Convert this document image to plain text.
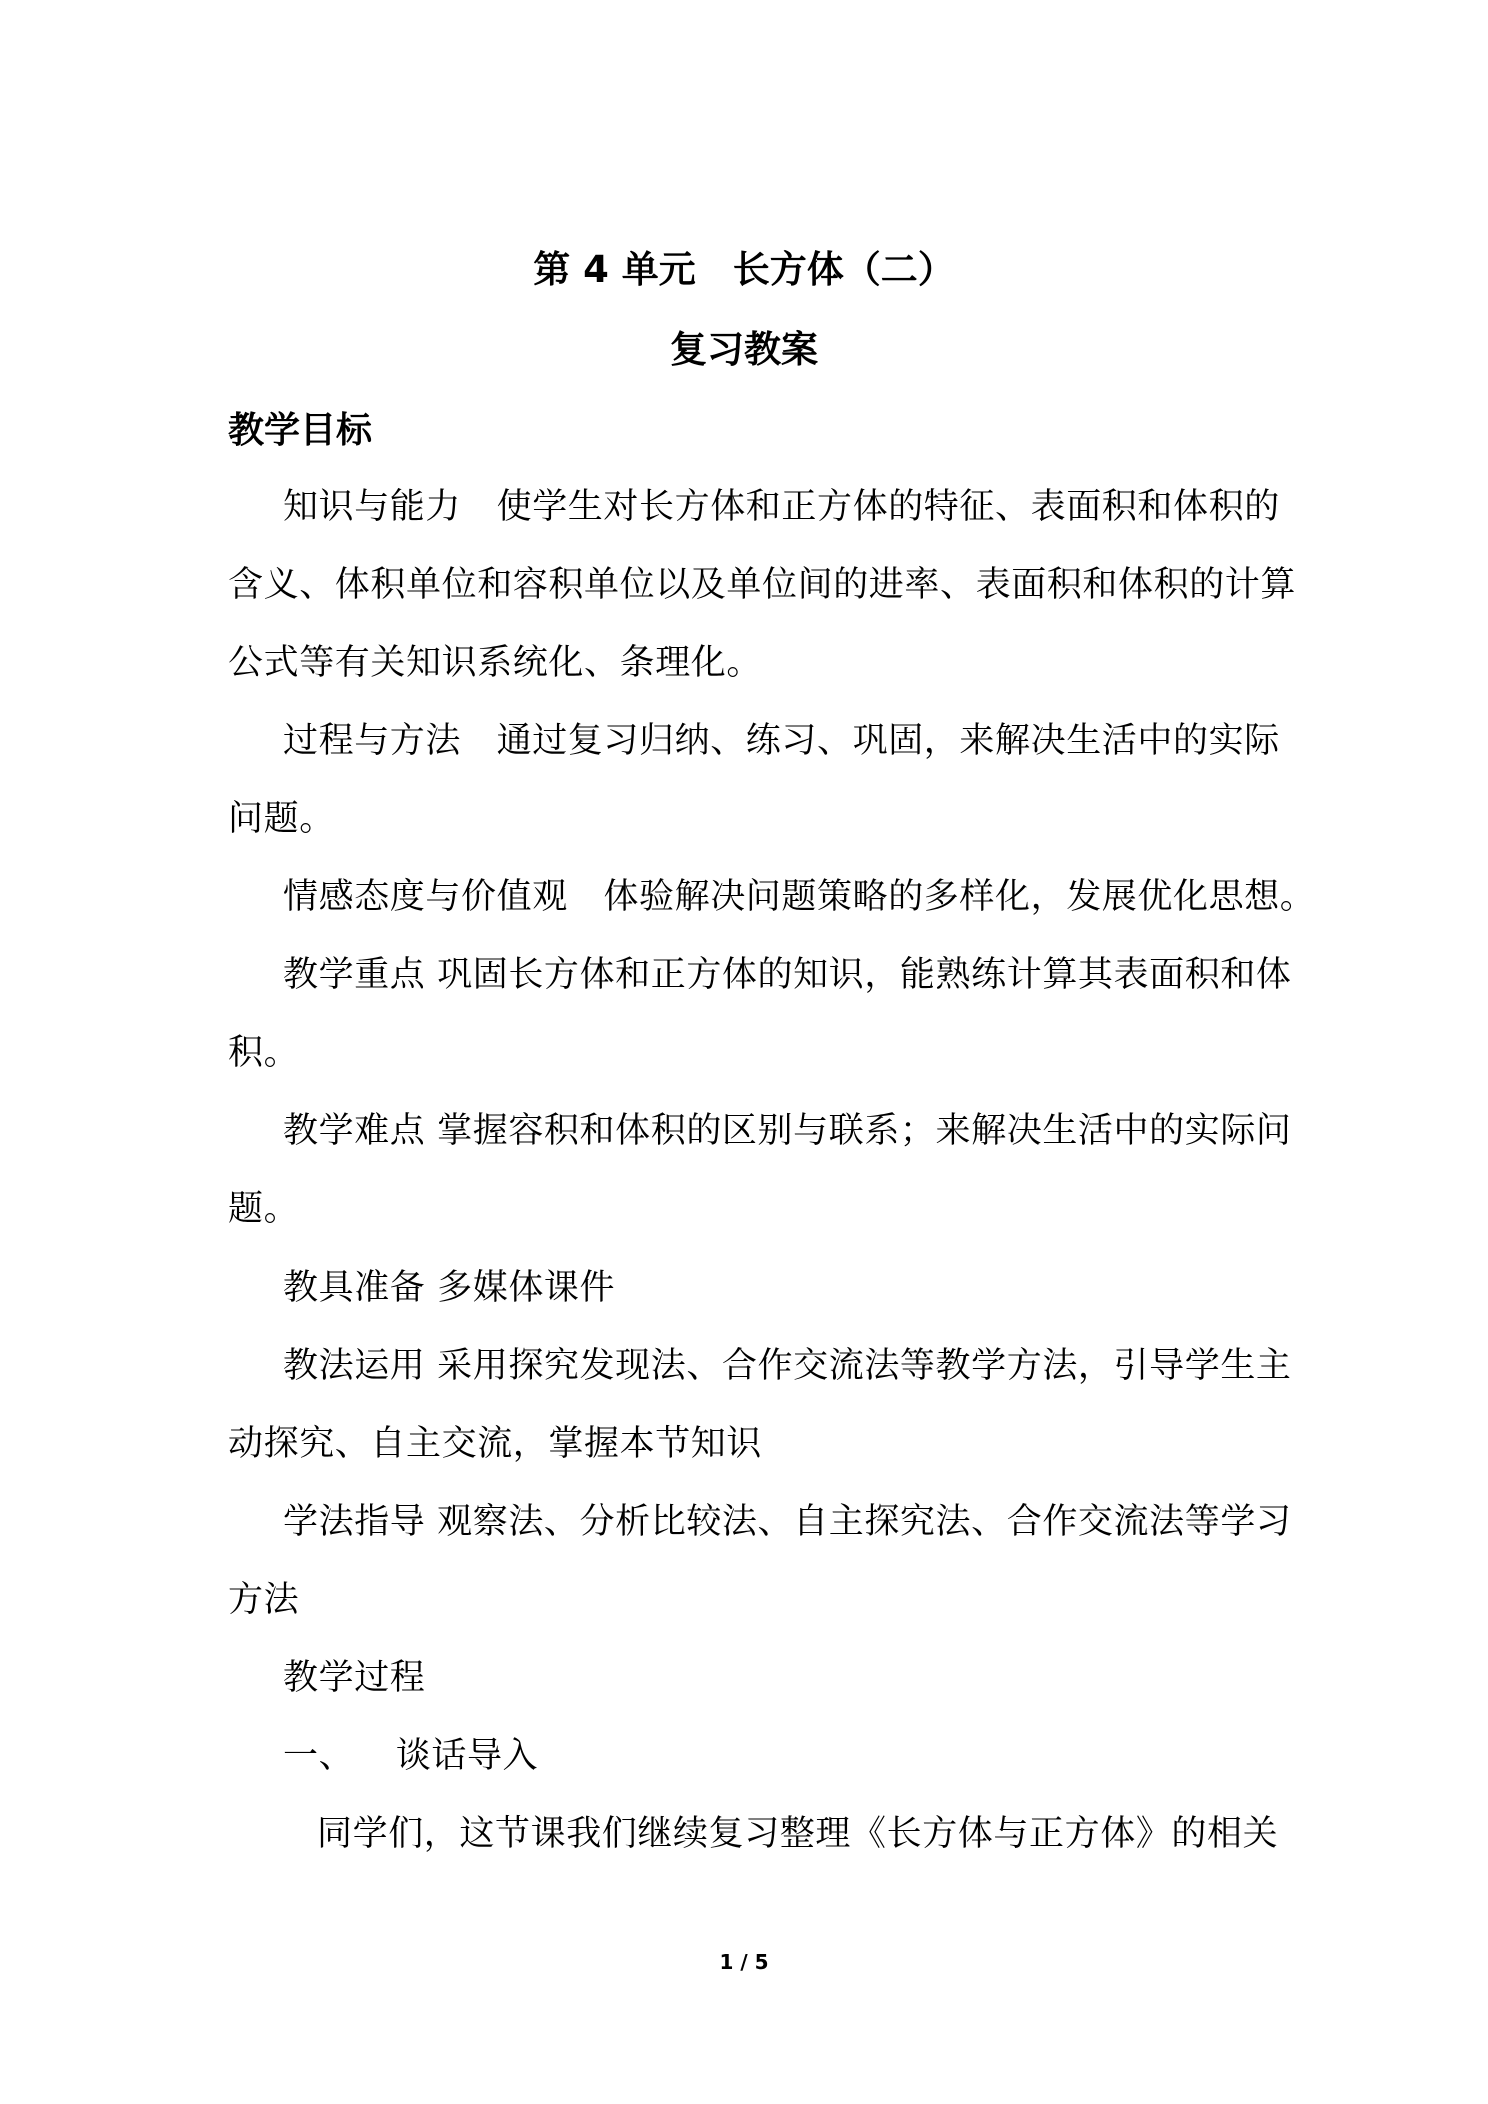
第 4 单元　长方体（二）
复习教案
教学目标
知识与能力　使学生对长方体和正方体的特征、表面积和体积的
含义、体积单位和容积单位以及单位间的进率、表面积和体积的计算
公式等有关知识系统化、条理化。
过程与方法　通过复习归纳、练习、巩固，来解决生活中的实际
问题。
情感态度与价值观　体验解决问题策略的多样化，发展优化思想。
教学重点 巩固长方体和正方体的知识，能熟练计算其表面积和体
积。
教学难点 掌握容积和体积的区别与联系；来解决生活中的实际问
题。
教具准备 多媒体课件
教法运用 采用探究发现法、合作交流法等教学方法，引导学生主
动探究、自主交流，掌握本节知识
学法指导 观察法、分析比较法、自主探究法、合作交流法等学习
方法
教学过程
一、　  谈话导入
同学们，这节课我们继续复习整理《长方体与正方体》的相关
1 / 5
